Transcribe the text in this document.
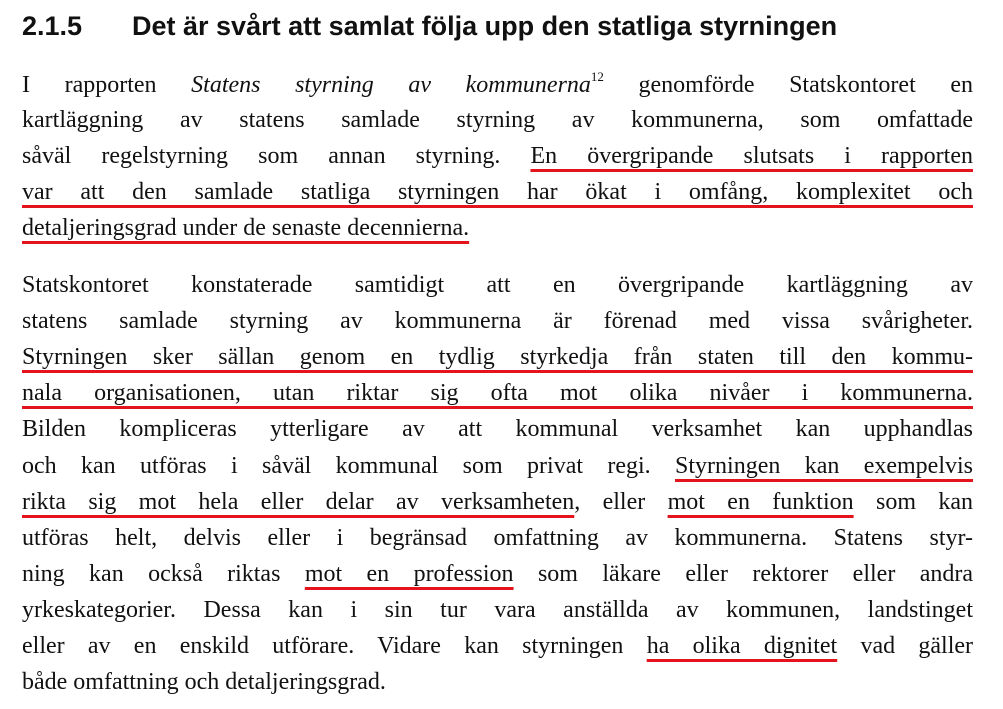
2.1.5 Det är svårt att samlat följa upp den statliga styrningen
I rapporten Statens styrning av kommunerna$^{12}$ genomförde Statskontoret en
kartläggning av statens samlade styrning av kommunerna, som omfattade
såväl regelstyrning som annan styrning. En övergripande slutsats i rapporten
var att den samlade statliga styrningen har ökat i omfång, komplexitet och
detaljeringsgrad under de senaste decennierna.
Statskontoret konstaterade samtidigt att en övergripande kartläggning av
statens samlade styrning av kommunerna är förenad med vissa svårigheter.
Styrningen sker sällan genom en tydlig styrkedja från staten till den kommu-
nala organisationen, utan riktar sig ofta mot olika nivåer i kommunerna.
Bilden kompliceras ytterligare av att kommunal verksamhet kan upphandlas
och kan utföras i såväl kommunal som privat regi. Styrningen kan exempelvis
rikta sig mot hela eller delar av verksamheten, eller mot en funktion som kan
utföras helt, delvis eller i begränsad omfattning av kommunerna. Statens styr-
ning kan också riktas mot en profession som läkare eller rektorer eller andra
yrkeskategorier. Dessa kan i sin tur vara anställda av kommunen, landstinget
eller av en enskild utförare. Vidare kan styrningen ha olika dignitet vad gäller
både omfattning och detaljeringsgrad.
